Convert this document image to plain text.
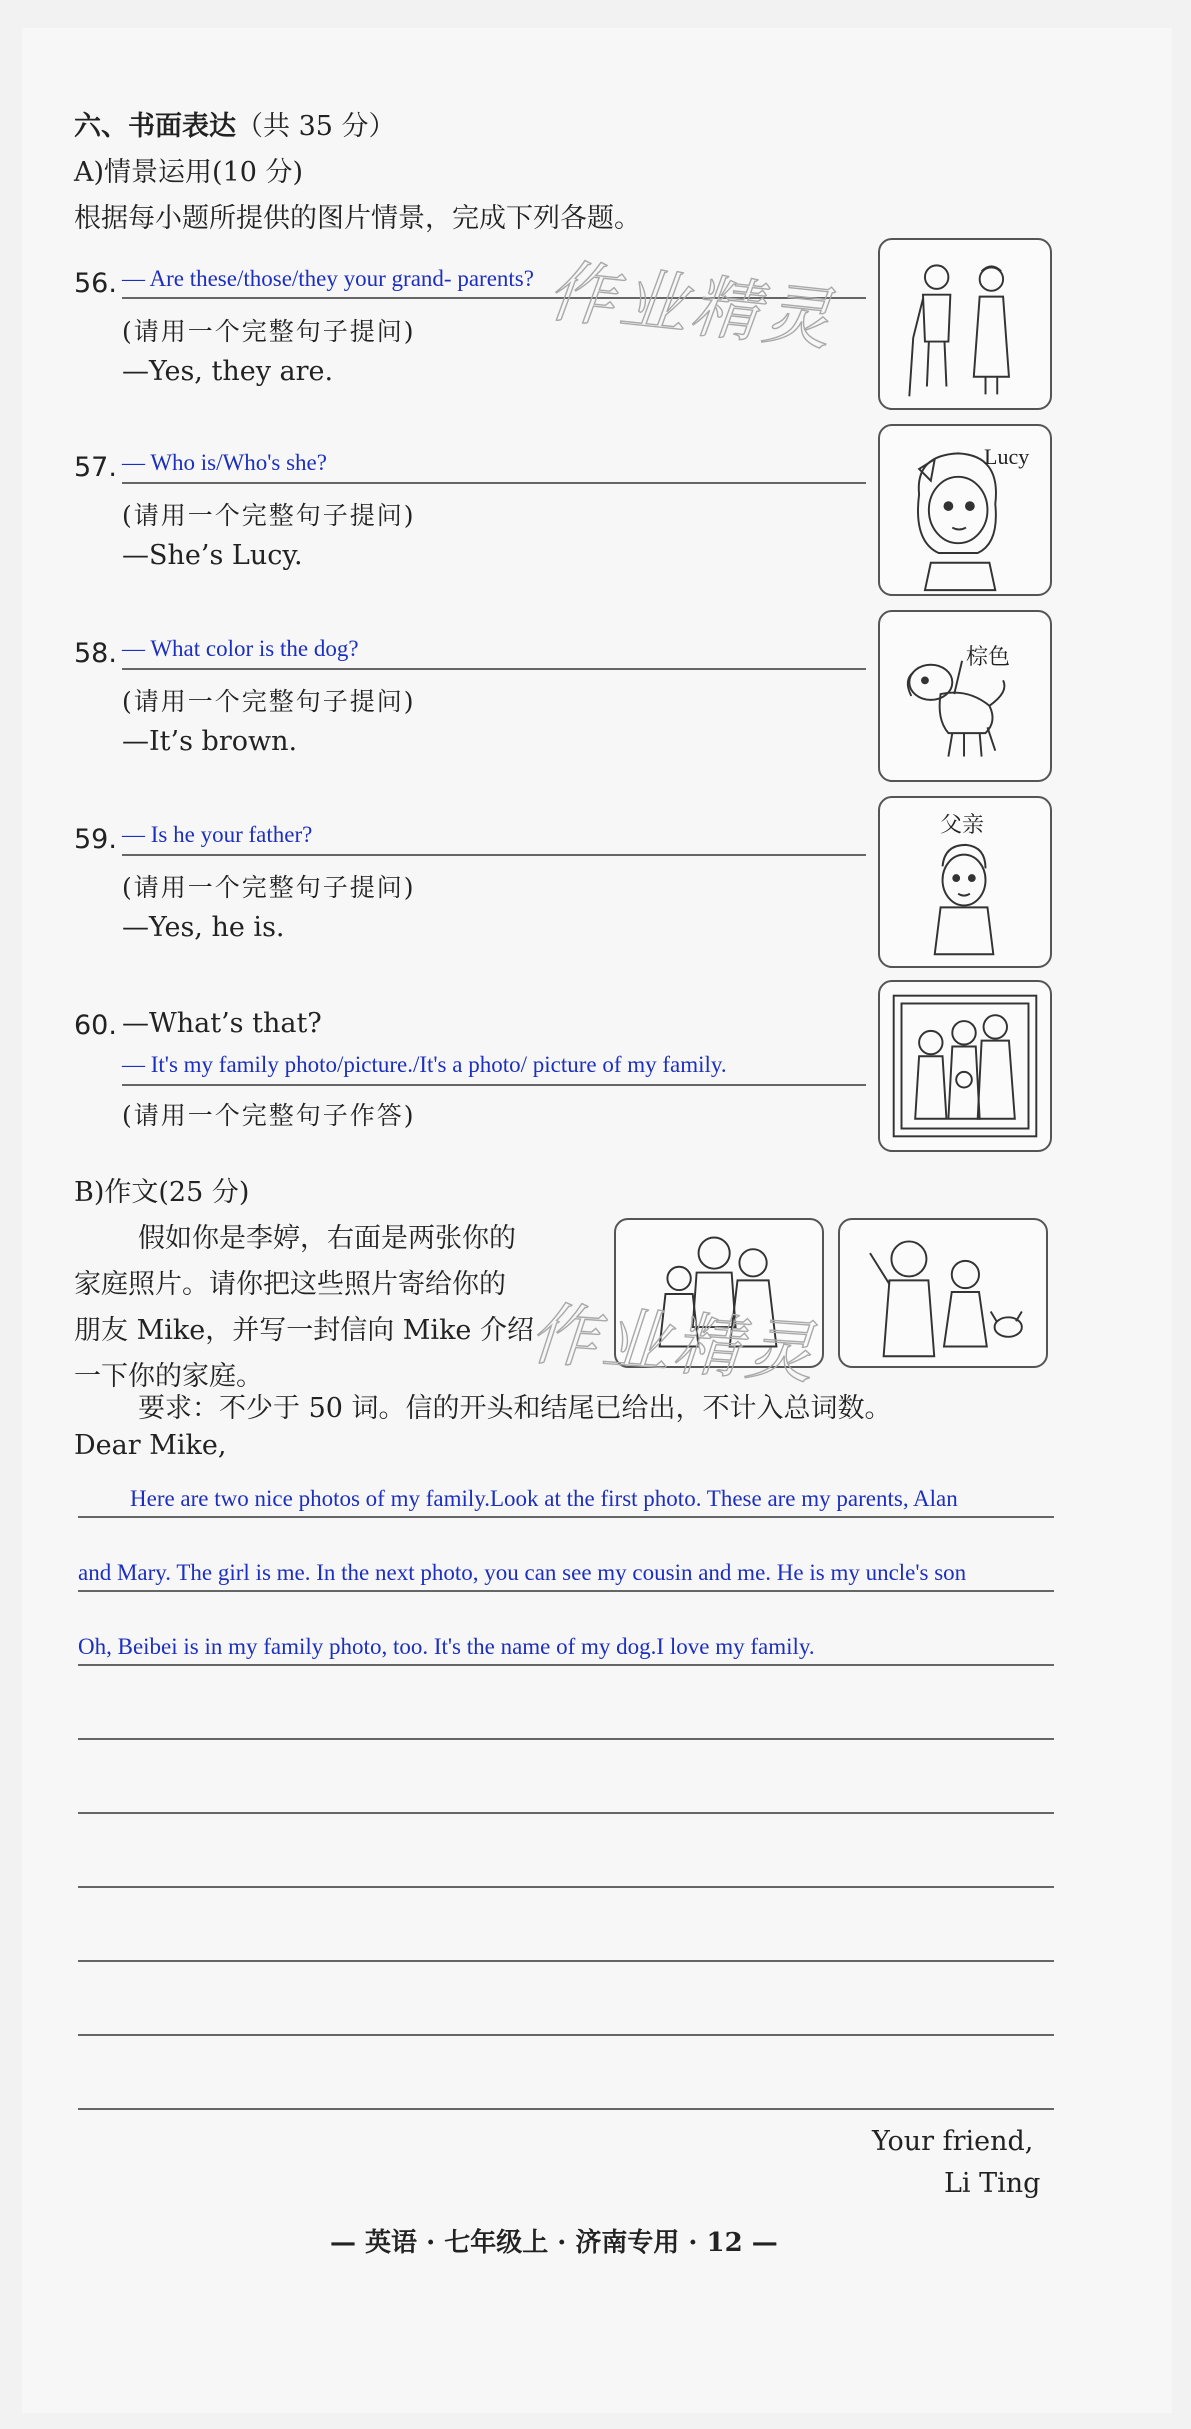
六、书面表达（共 35 分）
A)情景运用(10 分)
根据每小题所提供的图片情景，完成下列各题。
56. — Are these/those/they your grand- parents?
(请用一个完整句子提问)
—Yes, they are.
57. — Who is/Who's she?
(请用一个完整句子提问)
—She’s Lucy.
Lucy
58. — What color is the dog?
(请用一个完整句子提问)
—It’s brown.
棕色
59. — Is he your father?
(请用一个完整句子提问)
—Yes, he is.
父亲
60. —What’s that?
— It's my family photo/picture./It's a photo/ picture of my family.
(请用一个完整句子作答)
B)作文(25 分)
假如你是李婷，右面是两张你的
家庭照片。请你把这些照片寄给你的
朋友 Mike，并写一封信向 Mike 介绍
一下你的家庭。
要求：不少于 50 词。信的开头和结尾已给出，不计入总词数。
Dear Mike,
Here are two nice photos of my family.Look at the first photo. These are my parents, Alan
and Mary. The girl is me. In the next photo, you can see my cousin and me. He is my uncle's son
Oh, Beibei is in my family photo, too. It's the name of my dog.I love my family.
Your friend,
Li Ting
— 英语 · 七年级上 · 济南专用 · 12 —
作业精灵
作业精灵
